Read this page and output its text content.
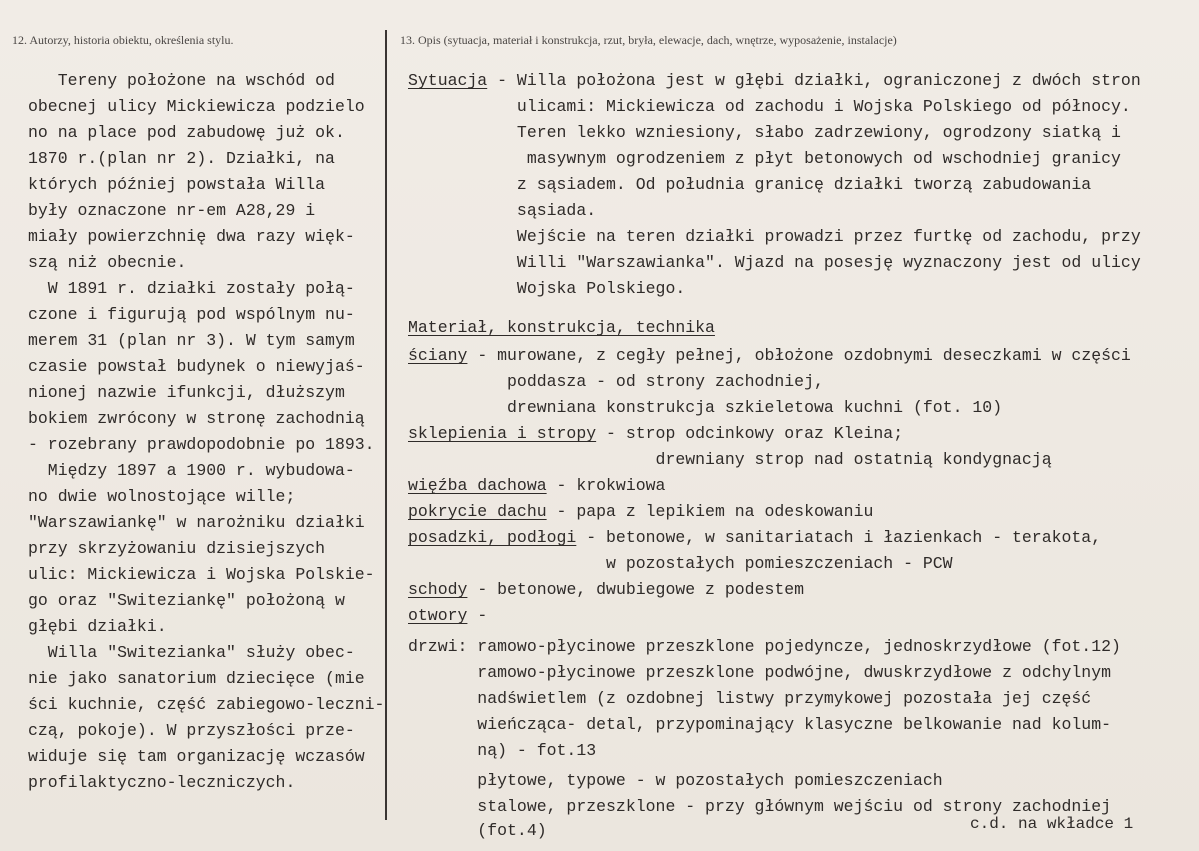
12. Autorzy, historia obiektu, określenia stylu.	13. Opis (sytuacja, materiał i konstrukcja, rzut, bryła, elewacje, dach, wnętrze, wyposażenie, instalacje)
Tereny położone na wschód od
obecnej ulicy Mickiewicza podzielo
no na place pod zabudowę już ok.
1870 r.(plan nr 2). Działki, na
których później powstała Willa
były oznaczone nr-em A28,29 i
miały powierzchnię dwa razy więk-
szą niż obecnie.
W 1891 r. działki zostały połą-
czone i figurują pod wspólnym nu-
merem 31 (plan nr 3). W tym samym
czasie powstał budynek o niewyjaś-
nionej nazwie ifunkcji, dłuższym
bokiem zwrócony w stronę zachodnią
- rozebrany prawdopodobnie po 1893.
Między 1897 a 1900 r. wybudowa-
no dwie wolnostojące wille;
"Warszawiankę" w narożniku działki
przy skrzyżowaniu dzisiejszych
ulic: Mickiewicza i Wojska Polskie-
go oraz "Switeziankę" położoną w
głębi działki.
Willa "Switezianka" służy obec-
nie jako sanatorium dziecięce (mie
ści kuchnie, część zabiegowo-leczni-
czą, pokoje). W przyszłości prze-
widuje się tam organizację wczasów
profilaktyczno-leczniczych.
Sytuacja - Willa położona jest w głębi działki, ograniczonej z dwóch stron
ulicami: Mickiewicza od zachodu i Wojska Polskiego od północy.
Teren lekko wzniesiony, słabo zadrzewiony, ogrodzony siatką i
masywnym ogrodzeniem z płyt betonowych od wschodniej granicy
z sąsiadem. Od południa granicę działki tworzą zabudowania
sąsiada.
Wejście na teren działki prowadzi przez furtkę od zachodu, przy
Willi "Warszawianka". Wjazd na posesję wyznaczony jest od ulicy
Wojska Polskiego.
Materiał, konstrukcja, technika
ściany - murowane, z cegły pełnej, obłożone ozdobnymi deseczkami w części
poddasza - od strony zachodniej,
drewniana konstrukcja szkieletowa kuchni (fot. 10)
sklepienia i stropy - strop odcinkowy oraz Kleina;
drewniany strop nad ostatnią kondygnacją
więźba dachowa - krokwiowa
pokrycie dachu - papa z lepikiem na odeskowaniu
posadzki, podłogi - betonowe, w sanitariatach i łazienkach - terakota,
w pozostałych pomieszczeniach - PCW
schody - betonowe, dwubiegowe z podestem
otwory -
drzwi: ramowo-płycinowe przeszklone pojedyncze, jednoskrzydłowe (fot.12)
ramowo-płycinowe przeszklone podwójne, dwuskrzydłowe z odchylnym
nadświetlem (z ozdobnej listwy przymykowej pozostała jej część
wieńcząca- detal, przypominający klasyczne belkowanie nad kolum-
ną) - fot.13
płytowe, typowe - w pozostałych pomieszczeniach
stalowe, przeszklone - przy głównym wejściu od strony zachodniej
(fot.4)	c.d. na wkładce 1
